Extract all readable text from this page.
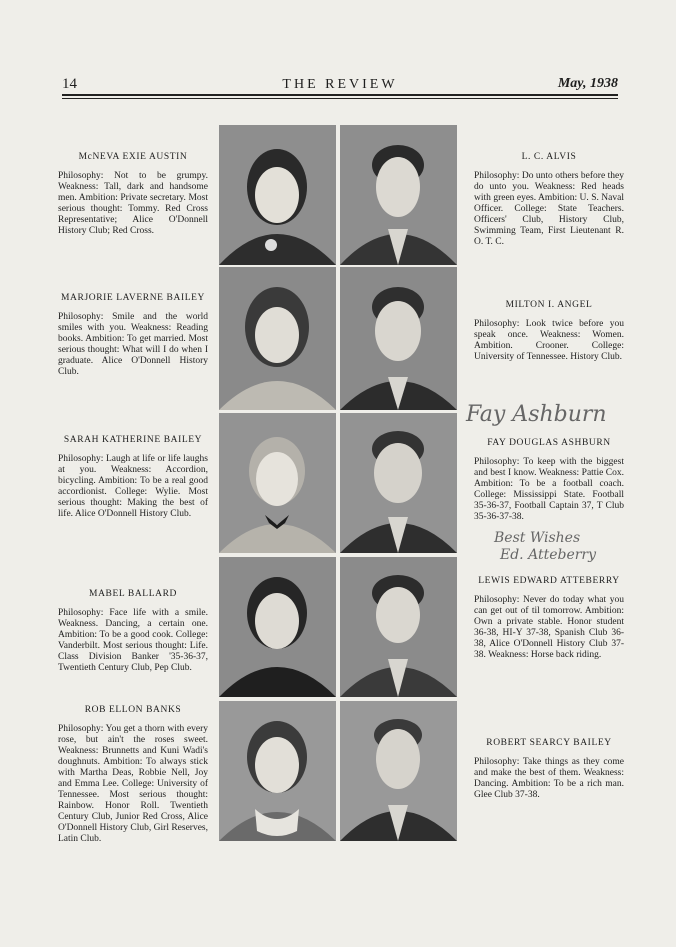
14	THE REVIEW	May, 1938
McNEVA EXIE AUSTIN
Philosophy: Not to be grumpy. Weakness: Tall, dark and handsome men. Ambition: Private secretary. Most serious thought: Tommy. Red Cross Representative; Alice O'Donnell History Club; Red Cross.
MARJORIE LAVERNE BAILEY
Philosophy: Smile and the world smiles with you. Weakness: Reading books. Ambition: To get married. Most serious thought: What will I do when I graduate. Alice O'Donnell History Club.
SARAH KATHERINE BAILEY
Philosophy: Laugh at life or life laughs at you. Weakness: Accordion, bicycling. Ambition: To be a real good accordionist. College: Wylie. Most serious thought: Making the best of life. Alice O'Donnell History Club.
MABEL BALLARD
Philosophy: Face life with a smile. Weakness. Dancing, a certain one. Ambition: To be a good cook. College: Vanderbilt. Most serious thought: Life. Class Division Banker '35-36-37, Twentieth Century Club, Pep Club.
ROB ELLON BANKS
Philosophy: You get a thorn with every rose, but ain't the roses sweet. Weakness: Brunnetts and Kuni Wadi's doughnuts. Ambition: To always stick with Martha Deas, Robbie Nell, Joy and Emma Lee. College: University of Tennessee. Most serious thought: Rainbow. Honor Roll. Twentieth Century Club, Junior Red Cross, Alice O'Donnell History Club, Girl Reserves, Latin Club.
L. C. ALVIS
Philosophy: Do unto others before they do unto you. Weakness: Red heads with green eyes. Ambition: U. S. Naval Officer. College: State Teachers. Officers' Club, History Club, Swimming Team, First Lieutenant R. O. T. C.
MILTON I. ANGEL
Philosophy: Look twice before you speak once. Weakness: Women. Ambition. Crooner. College: University of Tennessee. History Club.
Fay Ashburn
FAY DOUGLAS ASHBURN
Philosophy: To keep with the biggest and best I know. Weakness: Pattie Cox. Ambition: To be a football coach. College: Mississippi State. Football 35-36-37, Football Captain 37, T Club 35-36-37-38.
Best Wishes
Ed. Atteberry
LEWIS EDWARD ATTEBERRY
Philosophy: Never do today what you can get out of til tomorrow. Ambition: Own a private stable. Honor student 36-38, HI-Y 37-38, Spanish Club 36-38, Alice O'Donnell History Club 37-38. Weakness: Horse back riding.
ROBERT SEARCY BAILEY
Philosophy: Take things as they come and make the best of them. Weakness: Dancing. Ambition: To be a rich man. Glee Club 37-38.
